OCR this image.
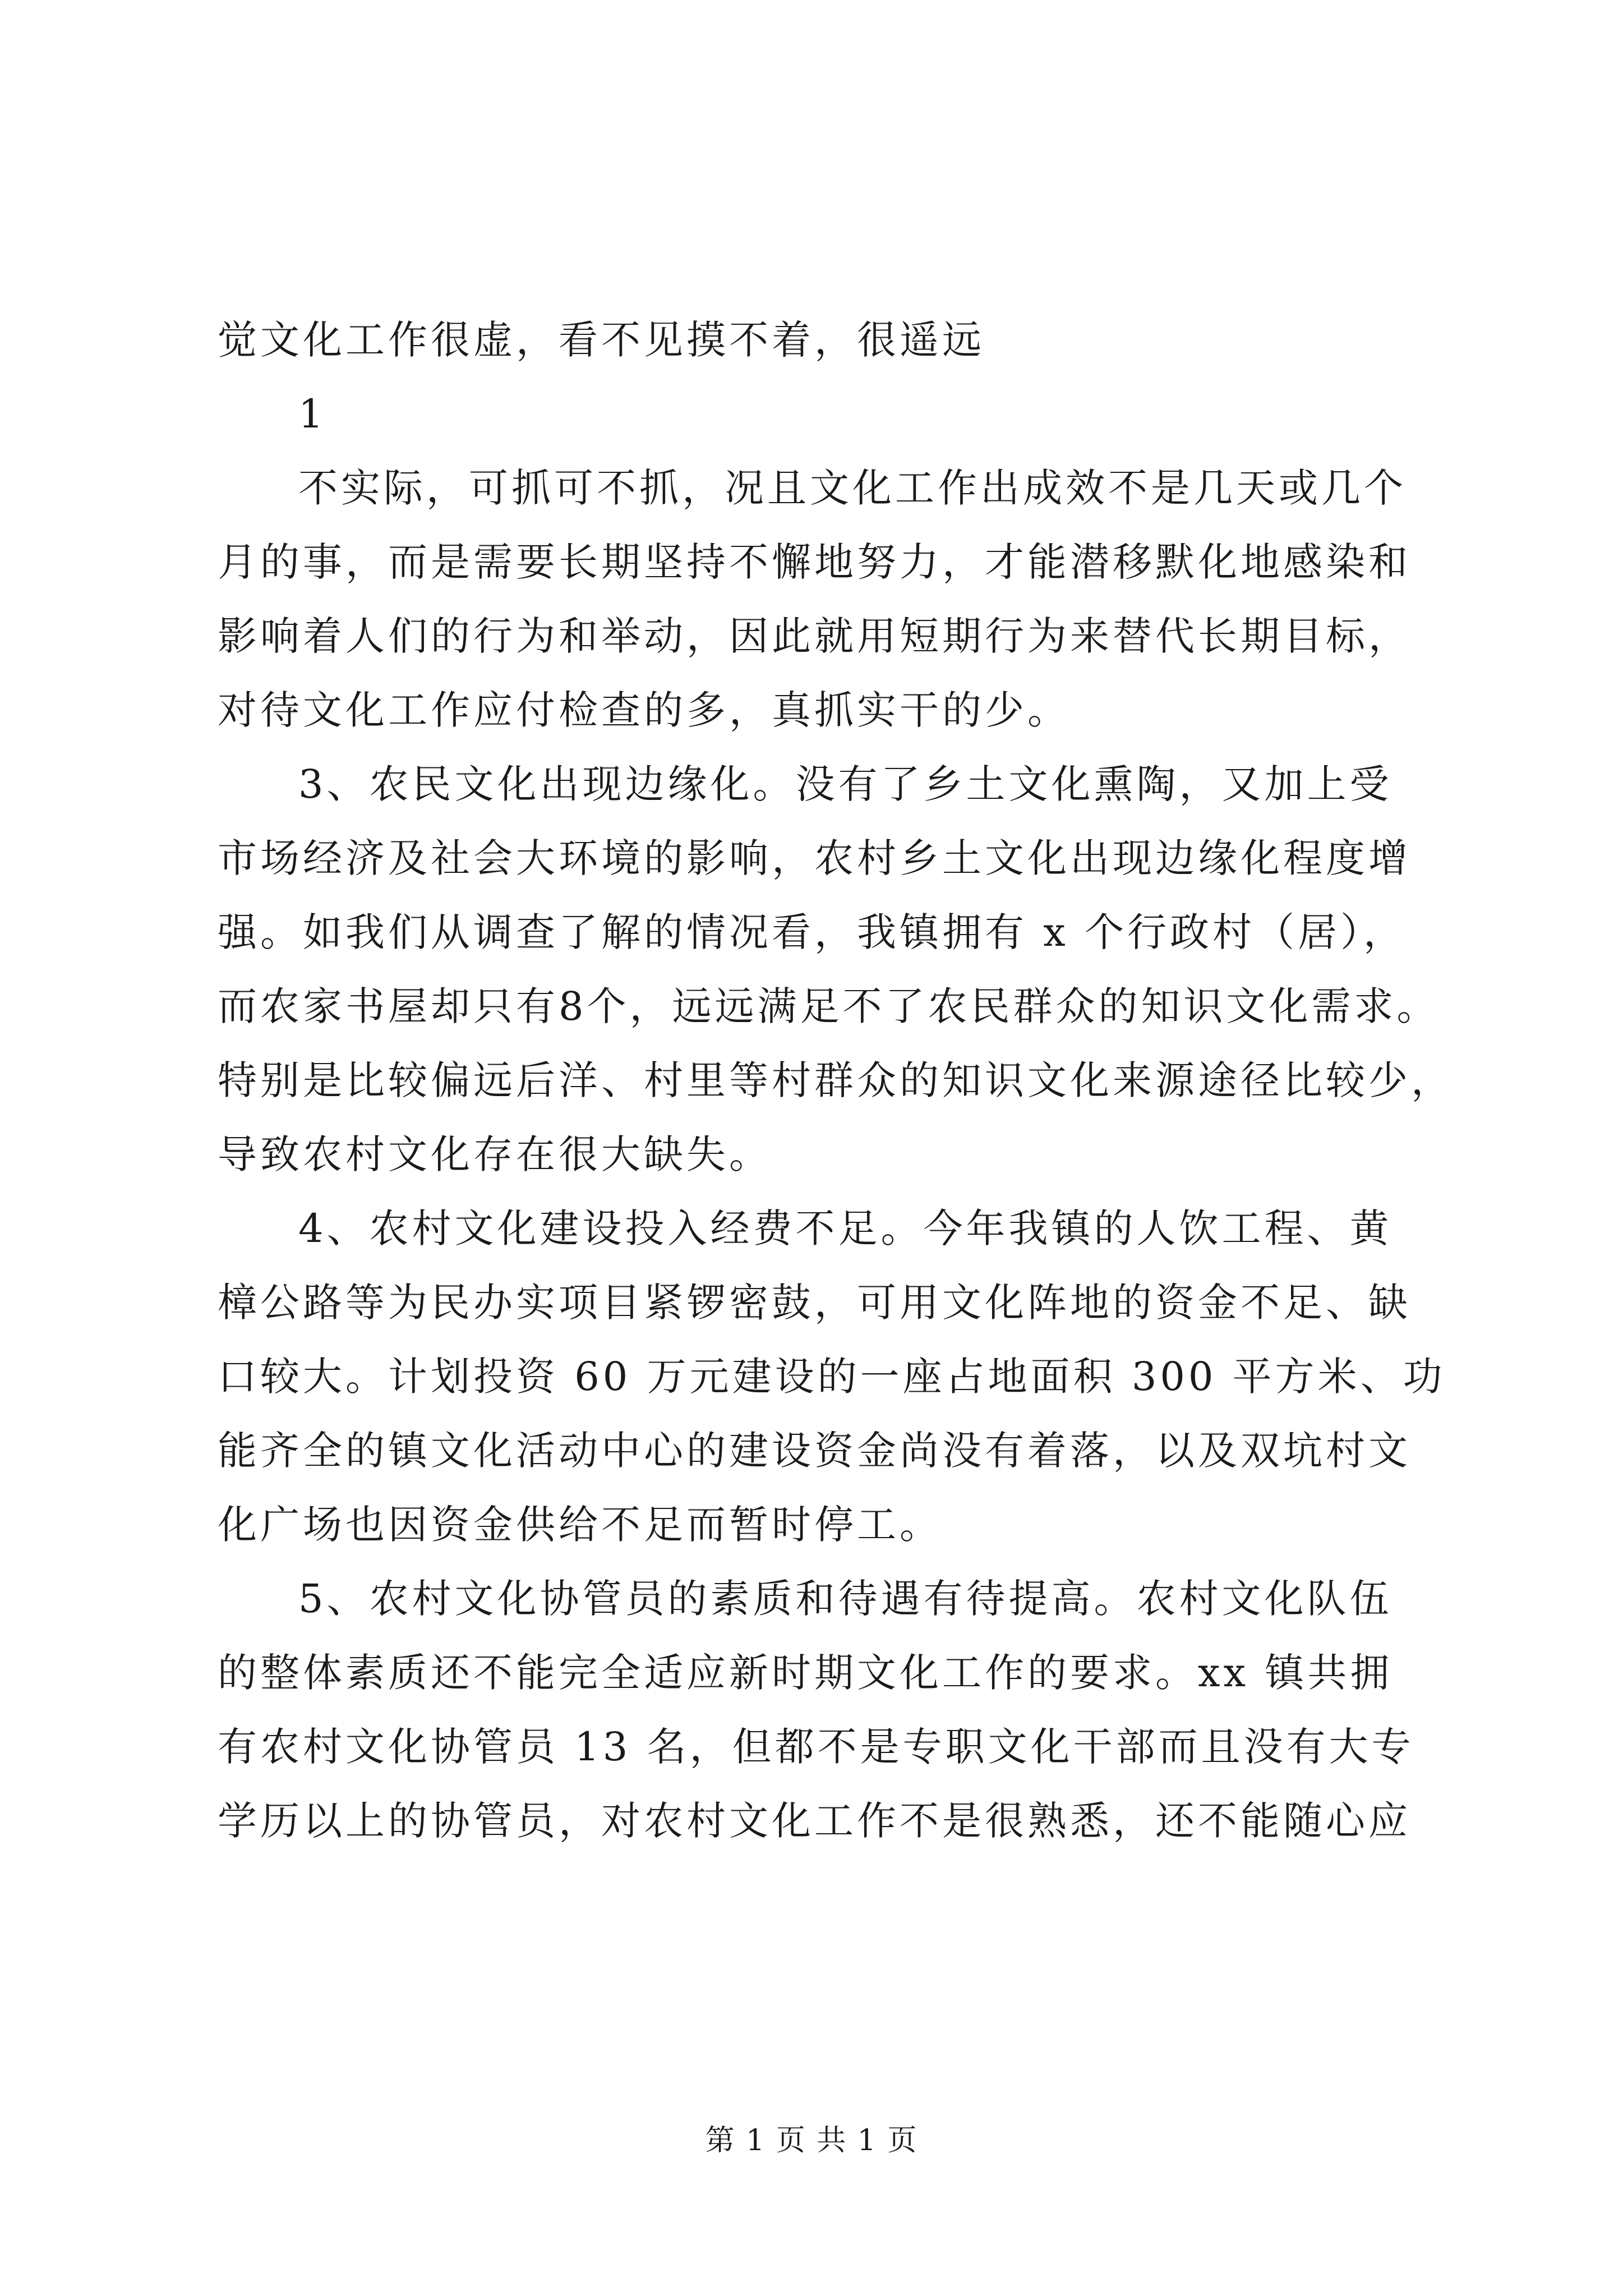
觉文化工作很虚，看不见摸不着，很遥远
1
不实际，可抓可不抓，况且文化工作出成效不是几天或几个
月的事，而是需要长期坚持不懈地努力，才能潜移默化地感染和
影响着人们的行为和举动，因此就用短期行为来替代长期目标，
对待文化工作应付检查的多，真抓实干的少。
3、农民文化出现边缘化。没有了乡土文化熏陶，又加上受
市场经济及社会大环境的影响，农村乡土文化出现边缘化程度增
强。如我们从调查了解的情况看，我镇拥有 x 个行政村（居），
而农家书屋却只有8个，远远满足不了农民群众的知识文化需求。
特别是比较偏远后洋、村里等村群众的知识文化来源途径比较少，
导致农村文化存在很大缺失。
4、农村文化建设投入经费不足。今年我镇的人饮工程、黄
樟公路等为民办实项目紧锣密鼓，可用文化阵地的资金不足、缺
口较大。计划投资 60 万元建设的一座占地面积 300 平方米、功
能齐全的镇文化活动中心的建设资金尚没有着落，以及双坑村文
化广场也因资金供给不足而暂时停工。
5、农村文化协管员的素质和待遇有待提高。农村文化队伍
的整体素质还不能完全适应新时期文化工作的要求。xx 镇共拥
有农村文化协管员 13 名，但都不是专职文化干部而且没有大专
学历以上的协管员，对农村文化工作不是很熟悉，还不能随心应
第 1 页 共 1 页
